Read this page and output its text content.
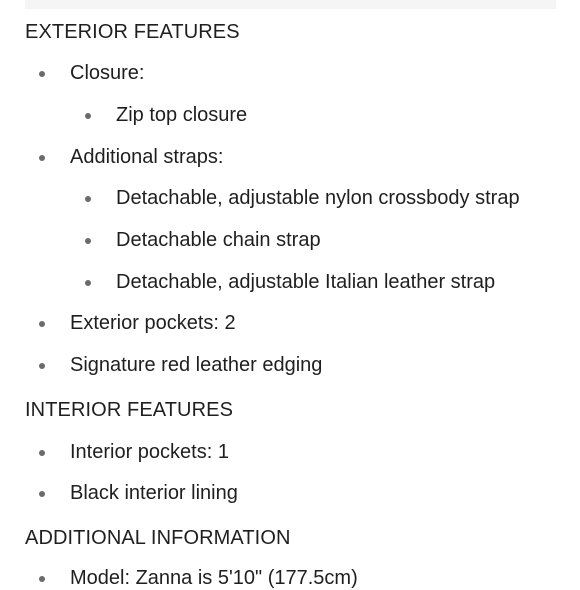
EXTERIOR FEATURES
Closure:
Zip top closure
Additional straps:
Detachable, adjustable nylon crossbody strap
Detachable chain strap
Detachable, adjustable Italian leather strap
Exterior pockets: 2
Signature red leather edging
INTERIOR FEATURES
Interior pockets: 1
Black interior lining
ADDITIONAL INFORMATION
Model: Zanna is 5'10" (177.5cm)
